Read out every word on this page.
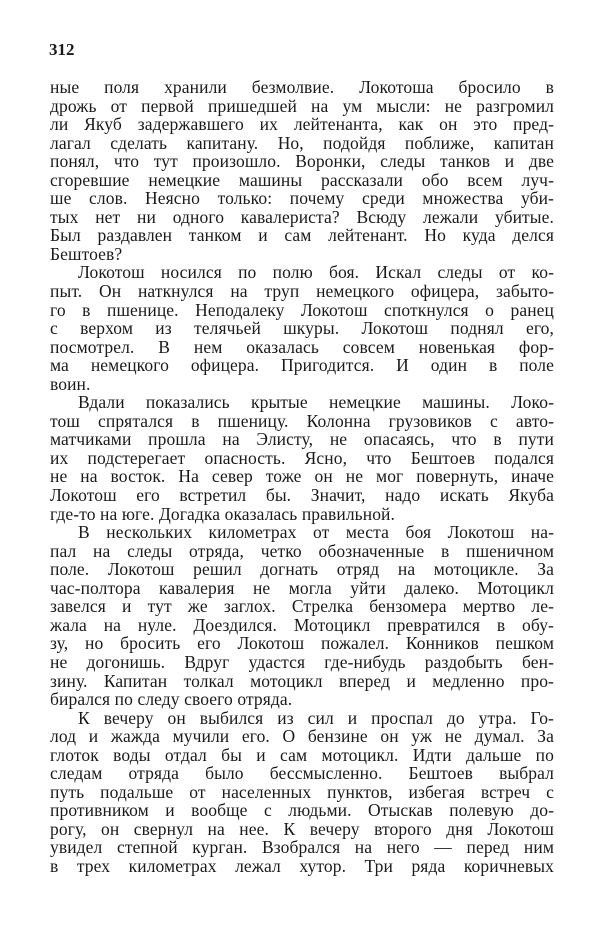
312
ные поля хранили безмолвие. Локотоша бросило в
дрожь от первой пришедшей на ум мысли: не разгромил
ли Якуб задержавшего их лейтенанта, как он это пред-
лагал сделать капитану. Но, подойдя поближе, капитан
понял, что тут произошло. Воронки, следы танков и две
сгоревшие немецкие машины рассказали обо всем луч-
ше слов. Неясно только: почему среди множества уби-
тых нет ни одного кавалериста? Всюду лежали убитые.
Был раздавлен танком и сам лейтенант. Но куда делся
Бештоев?
Локотош носился по полю боя. Искал следы от ко-
пыт. Он наткнулся на труп немецкого офицера, забыто-
го в пшенице. Неподалеку Локотош споткнулся о ранец
с верхом из телячьей шкуры. Локотош поднял его,
посмотрел. В нем оказалась совсем новенькая фор-
ма немецкого офицера. Пригодится. И один в поле
воин.
Вдали показались крытые немецкие машины. Локо-
тош спрятался в пшеницу. Колонна грузовиков с авто-
матчиками прошла на Элисту, не опасаясь, что в пути
их подстерегает опасность. Ясно, что Бештоев подался
не на восток. На север тоже он не мог повернуть, иначе
Локотош его встретил бы. Значит, надо искать Якуба
где-то на юге. Догадка оказалась правильной.
В нескольких километрах от места боя Локотош на-
пал на следы отряда, четко обозначенные в пшеничном
поле. Локотош решил догнать отряд на мотоцикле. За
час-полтора кавалерия не могла уйти далеко. Мотоцикл
завелся и тут же заглох. Стрелка бензомера мертво ле-
жала на нуле. Доездился. Мотоцикл превратился в обу-
зу, но бросить его Локотош пожалел. Конников пешком
не догонишь. Вдруг удастся где-нибудь раздобыть бен-
зину. Капитан толкал мотоцикл вперед и медленно про-
бирался по следу своего отряда.
К вечеру он выбился из сил и проспал до утра. Го-
лод и жажда мучили его. О бензине он уж не думал. За
глоток воды отдал бы и сам мотоцикл. Идти дальше по
следам отряда было бессмысленно. Бештоев выбрал
путь подальше от населенных пунктов, избегая встреч с
противником и вообще с людьми. Отыскав полевую до-
рогу, он свернул на нее. К вечеру второго дня Локотош
увидел степной курган. Взобрался на него — перед ним
в трех километрах лежал хутор. Три ряда коричневых
